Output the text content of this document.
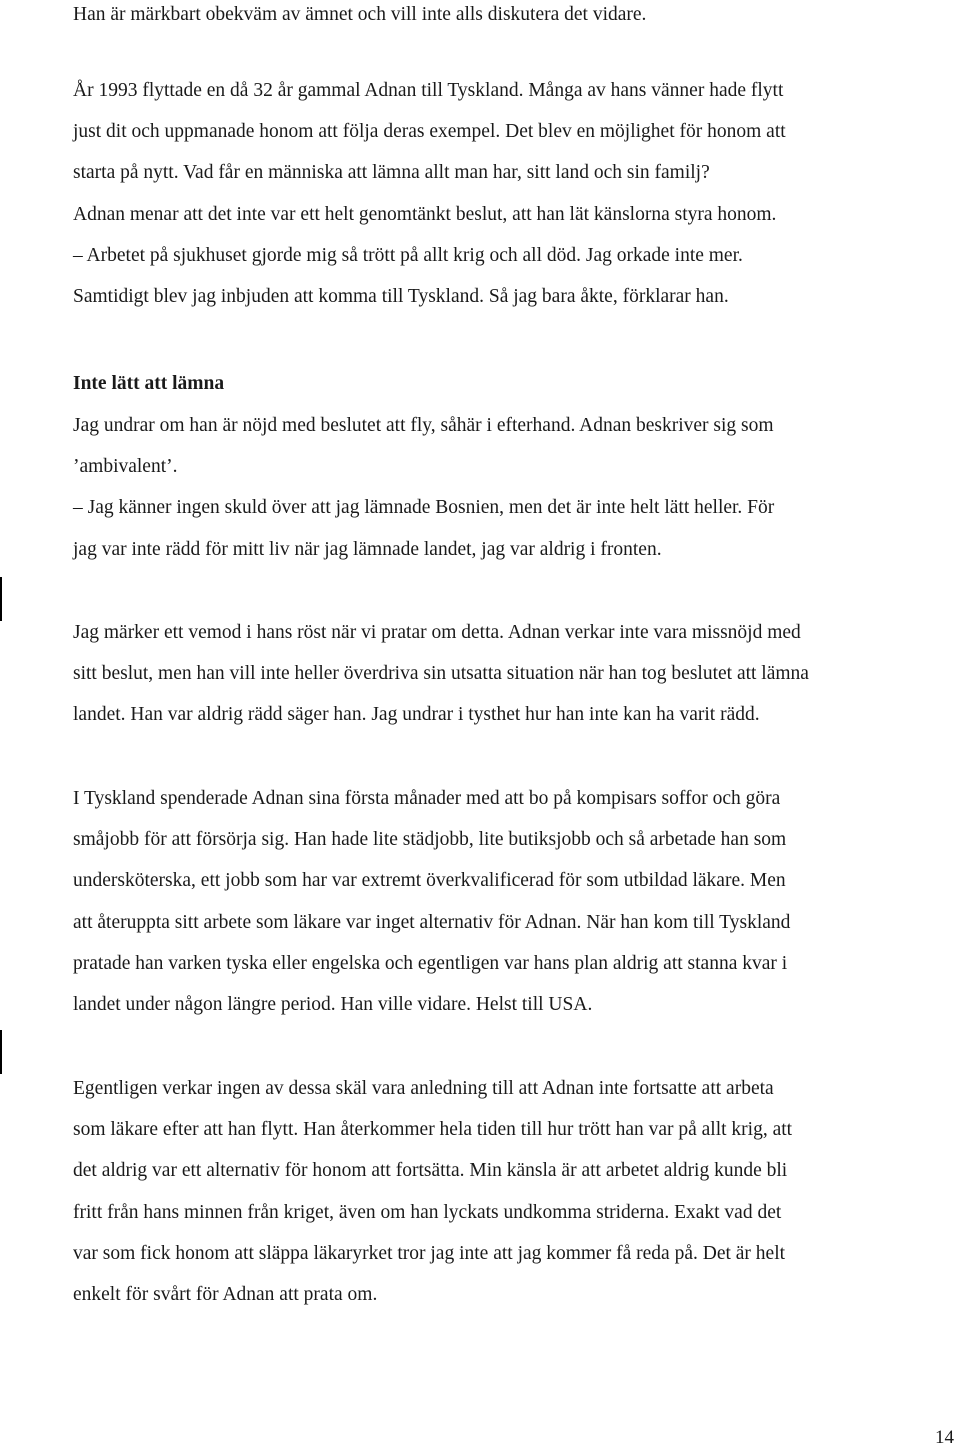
Han är märkbart obekväm av ämnet och vill inte alls diskutera det vidare.

År 1993 flyttade en då 32 år gammal Adnan till Tyskland. Många av hans vänner hade flytt
just dit och uppmanade honom att följa deras exempel. Det blev en möjlighet för honom att
starta på nytt. Vad får en människa att lämna allt man har, sitt land och sin familj?
Adnan menar att det inte var ett helt genomtänkt beslut, att han lät känslorna styra honom.
– Arbetet på sjukhuset gjorde mig så trött på allt krig och all död. Jag orkade inte mer.
Samtidigt blev jag inbjuden att komma till Tyskland. Så jag bara åkte, förklarar han.

Inte lätt att lämna

Jag undrar om han är nöjd med beslutet att fly, såhär i efterhand. Adnan beskriver sig som
’ambivalent’.
– Jag känner ingen skuld över att jag lämnade Bosnien, men det är inte helt lätt heller. För
jag var inte rädd för mitt liv när jag lämnade landet, jag var aldrig i fronten.

Jag märker ett vemod i hans röst när vi pratar om detta. Adnan verkar inte vara missnöjd med
sitt beslut, men han vill inte heller överdriva sin utsatta situation när han tog beslutet att lämna
landet. Han var aldrig rädd säger han. Jag undrar i tysthet hur han inte kan ha varit rädd.

I Tyskland spenderade Adnan sina första månader med att bo på kompisars soffor och göra
småjobb för att försörja sig. Han hade lite städjobb, lite butiksjobb och så arbetade han som
undersköterska, ett jobb som har var extremt överkvalificerad för som utbildad läkare. Men
att återuppta sitt arbete som läkare var inget alternativ för Adnan. När han kom till Tyskland
pratade han varken tyska eller engelska och egentligen var hans plan aldrig att stanna kvar i
landet under någon längre period. Han ville vidare. Helst till USA.

Egentligen verkar ingen av dessa skäl vara anledning till att Adnan inte fortsatte att arbeta
som läkare efter att han flytt. Han återkommer hela tiden till hur trött han var på allt krig, att
det aldrig var ett alternativ för honom att fortsätta. Min känsla är att arbetet aldrig kunde bli
fritt från hans minnen från kriget, även om han lyckats undkomma striderna. Exakt vad det
var som fick honom att släppa läkaryrket tror jag inte att jag kommer få reda på. Det är helt
enkelt för svårt för Adnan att prata om.

14
